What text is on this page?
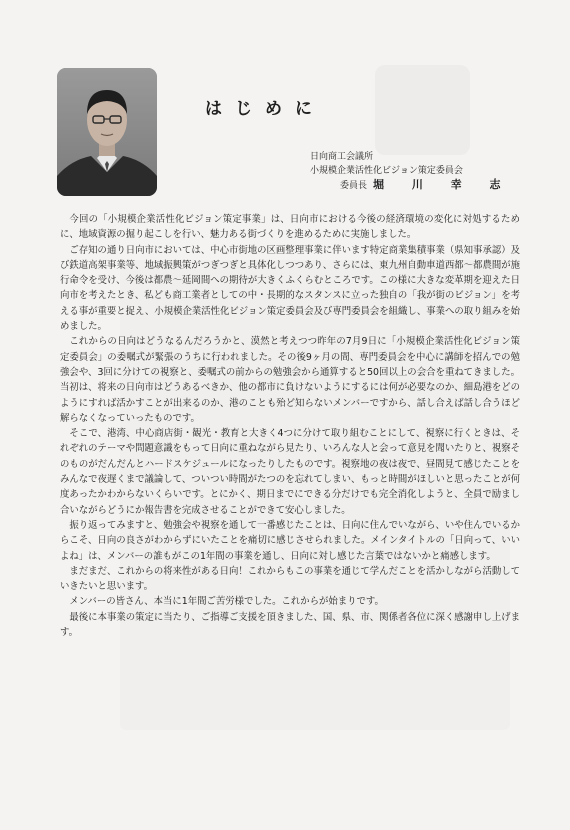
はじめに
日向商工会議所
小規模企業活性化ビジョン策定委員会
委員長 堀 川 幸 志

今回の「小規模企業活性化ビジョン策定事業」は、日向市における今後の経済環境の変化に対処するために、地域資源の掘り起こしを行い、魅力ある街づくりを進めるために実施しました。

ご存知の通り日向市においては、中心市街地の区画整理事業に伴います特定商業集積事業（県知事承認）及び鉄道高架事業等、地域振興策がつぎつぎと具体化しつつあり、さらには、東九州自動車道西都～都農間が施行命令を受け、今後は都農～延岡間への期待が大きくふくらむところです。この様に大きな変革期を迎えた日向市を考えたとき、私ども商工業者としての中・長期的なスタンスに立った独自の「我が街のビジョン」を考える事が重要と捉え、小規模企業活性化ビジョン策定委員会及び専門委員会を組織し、事業への取り組みを始めました。

これからの日向はどうなるんだろうかと、漠然と考えつつ昨年の7月9日に「小規模企業活性化ビジョン策定委員会」の委嘱式が緊張のうちに行われました。その後9ヶ月の間、専門委員会を中心に講師を招んでの勉強会や、3回に分けての視察と、委嘱式の前からの勉強会から通算すると50回以上の会合を重ねてきました。当初は、将来の日向市はどうあるべきか、他の都市に負けないようにするには何が必要なのか、細島港をどのようにすれば活かすことが出来るのか、港のことも殆ど知らないメンバーですから、話し合えば話し合うほど解らなくなっていったものです。

そこで、港湾、中心商店街・観光・教育と大きく4つに分けて取り組むことにして、視察に行くときは、それぞれのテーマや問題意識をもって日向に重ねながら見たり、いろんな人と会って意見を聞いたりと、視察そのものがだんだんとハードスケジュールになったりしたものです。視察地の夜は夜で、昼間見て感じたことをみんなで夜遅くまで議論して、ついつい時間がたつのを忘れてしまい、もっと時間がほしいと思ったことが何度あったかわからないくらいです。とにかく、期日までにできる分だけでも完全消化しようと、全員で励まし合いながらどうにか報告書を完成させることができて安心しました。

振り返ってみますと、勉強会や視察を通して一番感じたことは、日向に住んでいながら、いや住んでいるからこそ、日向の良さがわからずにいたことを痛切に感じさせられました。メインタイトルの「日向って、いいよね」は、メンバーの誰もがこの1年間の事業を通し、日向に対し感じた言葉ではないかと痛感します。

まだまだ、これからの将来性がある日向！これからもこの事業を通じて学んだことを活かしながら活動していきたいと思います。

メンバーの皆さん、本当に1年間ご苦労様でした。これからが始まりです。

最後に本事業の策定に当たり、ご指導ご支援を頂きました、国、県、市、関係者各位に深く感謝申し上げます。
